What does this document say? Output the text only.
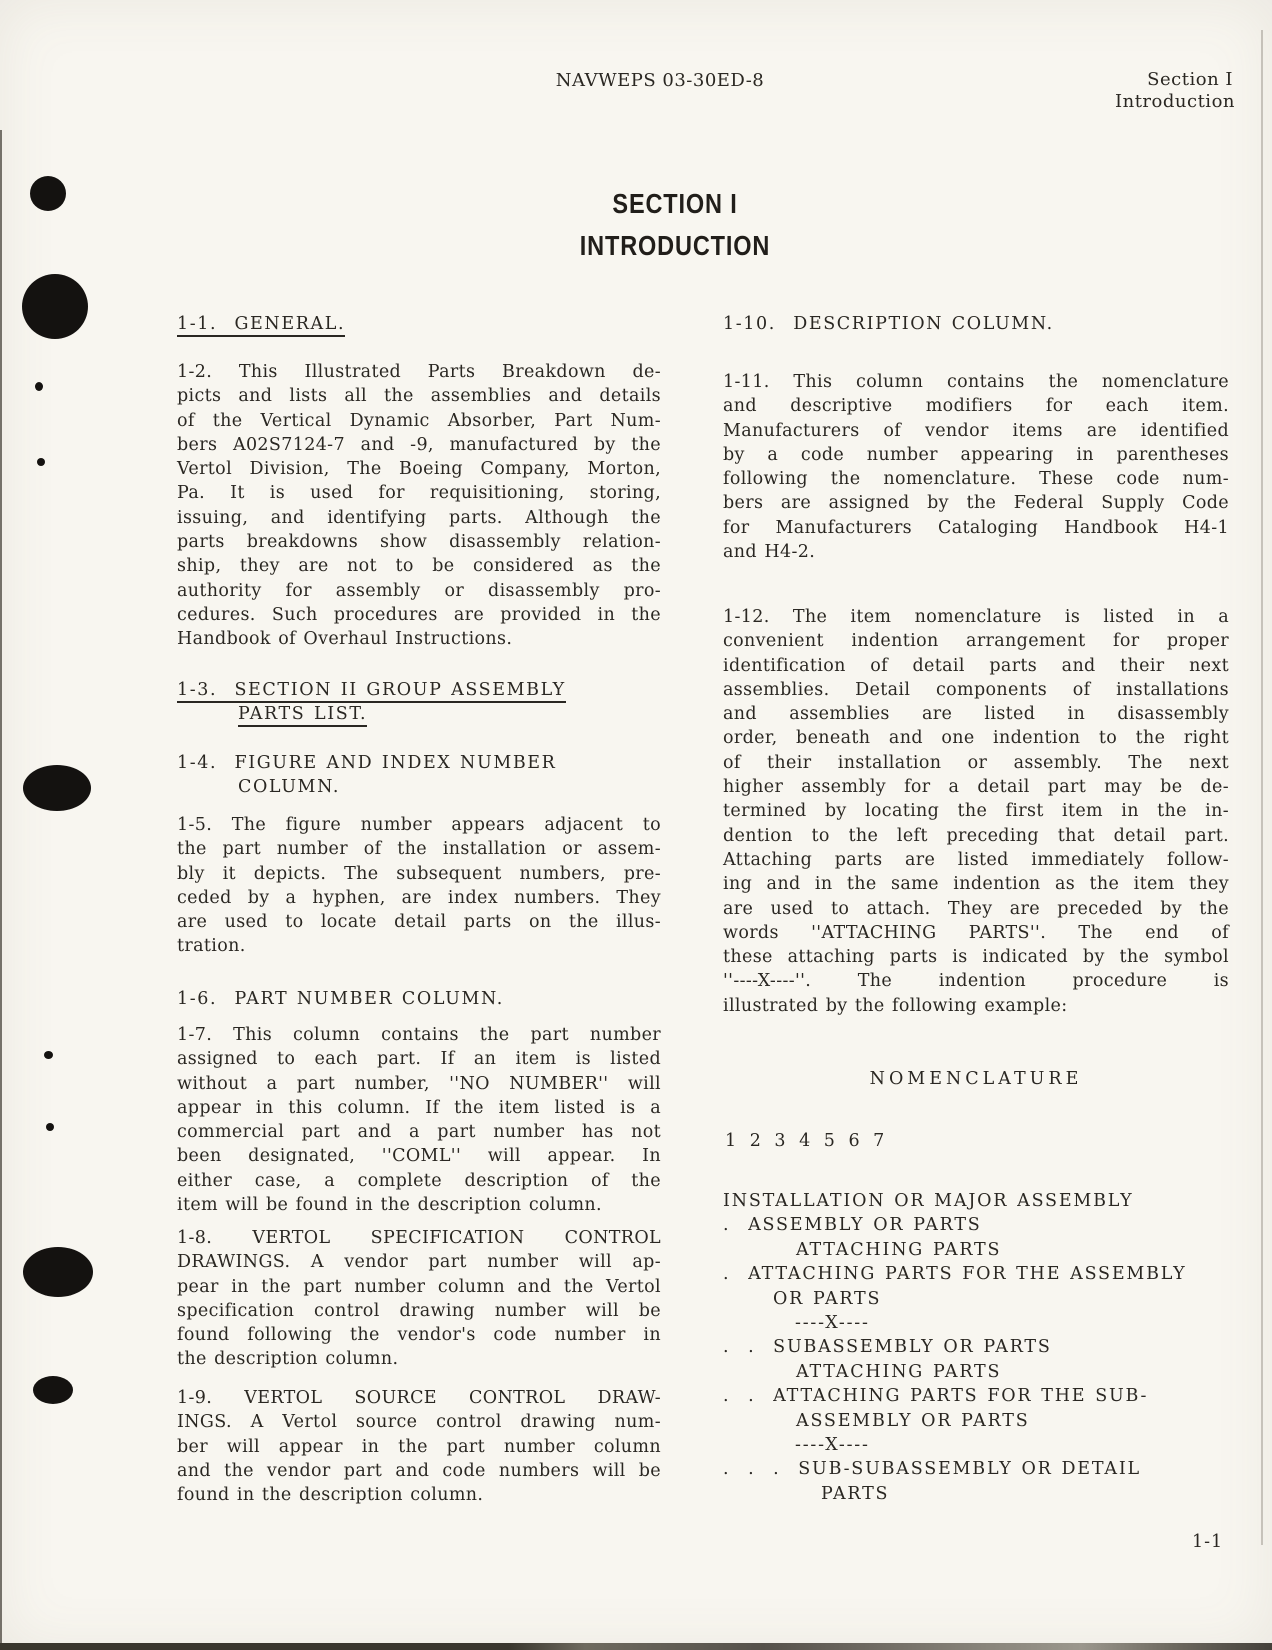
NAVWEPS 03-30ED-8	Section I
Introduction
SECTION I
INTRODUCTION
1-1.  GENERAL.
1-2. This Illustrated Parts Breakdown de-
picts and lists all the assemblies and details
of the Vertical Dynamic Absorber, Part Num-
bers A02S7124-7 and -9, manufactured by the
Vertol Division, The Boeing Company, Morton,
Pa. It is used for requisitioning, storing,
issuing, and identifying parts. Although the
parts breakdowns show disassembly relation-
ship, they are not to be considered as the
authority for assembly or disassembly pro-
cedures. Such procedures are provided in the
Handbook of Overhaul Instructions.
1-3.  SECTION II GROUP ASSEMBLY
PARTS LIST.
1-4.  FIGURE AND INDEX NUMBER
COLUMN.
1-5. The figure number appears adjacent to
the part number of the installation or assem-
bly it depicts. The subsequent numbers, pre-
ceded by a hyphen, are index numbers. They
are used to locate detail parts on the illus-
tration.
1-6.  PART NUMBER COLUMN.
1-7. This column contains the part number
assigned to each part. If an item is listed
without a part number, ''NO NUMBER'' will
appear in this column. If the item listed is a
commercial part and a part number has not
been designated, ''COML'' will appear. In
either case, a complete description of the
item will be found in the description column.
1-8. VERTOL SPECIFICATION CONTROL
DRAWINGS. A vendor part number will ap-
pear in the part number column and the Vertol
specification control drawing number will be
found following the vendor's code number in
the description column.
1-9. VERTOL SOURCE CONTROL DRAW-
INGS. A Vertol source control drawing num-
ber will appear in the part number column
and the vendor part and code numbers will be
found in the description column.
1-10.  DESCRIPTION COLUMN.
1-11. This column contains the nomenclature
and descriptive modifiers for each item.
Manufacturers of vendor items are identified
by a code number appearing in parentheses
following the nomenclature. These code num-
bers are assigned by the Federal Supply Code
for Manufacturers Cataloging Handbook H4-1
and H4-2.
1-12. The item nomenclature is listed in a
convenient indention arrangement for proper
identification of detail parts and their next
assemblies. Detail components of installations
and assemblies are listed in disassembly
order, beneath and one indention to the right
of their installation or assembly. The next
higher assembly for a detail part may be de-
termined by locating the first item in the in-
dention to the left preceding that detail part.
Attaching parts are listed immediately follow-
ing and in the same indention as the item they
are used to attach. They are preceded by the
words ''ATTACHING PARTS''. The end of
these attaching parts is indicated by the symbol
''----X----''. The indention procedure is
illustrated by the following example:
NOMENCLATURE
1 2 3 4 5 6 7
INSTALLATION OR MAJOR ASSEMBLY
.  ASSEMBLY OR PARTS
ATTACHING PARTS
.  ATTACHING PARTS FOR THE ASSEMBLY
OR PARTS
----X----
.  .  SUBASSEMBLY OR PARTS
ATTACHING PARTS
.  .  ATTACHING PARTS FOR THE SUB-
ASSEMBLY OR PARTS
----X----
.  .  .  SUB-SUBASSEMBLY OR DETAIL
PARTS
1-1
